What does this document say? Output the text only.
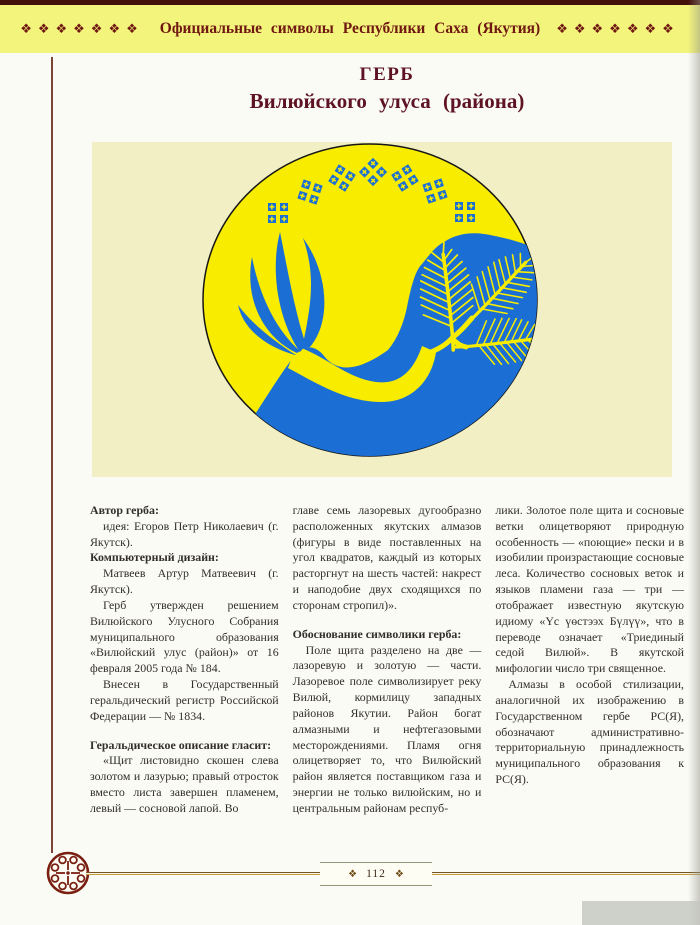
❖❖❖❖❖❖❖ Официальные символы Республики Саха (Якутия) ❖❖❖❖❖❖❖

ГЕРБ

Вилюйского улуса (района)

Автор герба:

идея: Егоров Петр Николаевич (г. Якутск).

Компьютерный дизайн:

Матвеев Артур Матвеевич (г. Якутск).

Герб утвержден решением Вилюйского Улусного Собрания муниципального образования «Вилюйский улус (район)» от 16 февраля 2005 года № 184.

Внесен в Государственный геральдический регистр Российской Федерации — № 1834.

Геральдическое описание гласит:

«Щит листовидно скошен слева золотом и лазурью; правый отросток вместо листа завершен пламенем, левый — сосновой лапой. Во

главе семь лазоревых дугообразно расположенных якутских алмазов (фигуры в виде поставленных на угол квадратов, каждый из которых расторгнут на шесть частей: накрест и наподобие двух сходящихся по сторонам стропил)».

Обоснование символики герба:

Поле щита разделено на две — лазоревую и золотую — части. Лазоревое поле символизирует реку Вилюй, кормилицу западных районов Якутии. Район богат алмазными и нефтегазовыми месторождениями. Пламя огня олицетворяет то, что Вилюйский район является поставщиком газа и энергии не только вилюйским, но и центральным районам респуб-

лики. Золотое поле щита и сосновые ветки олицетворяют природную особенность — «поющие» пески и в изобилии произрастающие сосновые леса. Количество сосновых веток и языков пламени газа — три — отображает известную якутскую идиому «Үс үөстээх Бүлүү», что в переводе означает «Триединый седой Вилюй». В якутской мифологии число три священное.

Алмазы в особой стилизации, аналогичной их изображению в Государственном гербе РС(Я), обозначают административно-территориальную принадлежность муниципального образования к РС(Я).

❖ 112 ❖
